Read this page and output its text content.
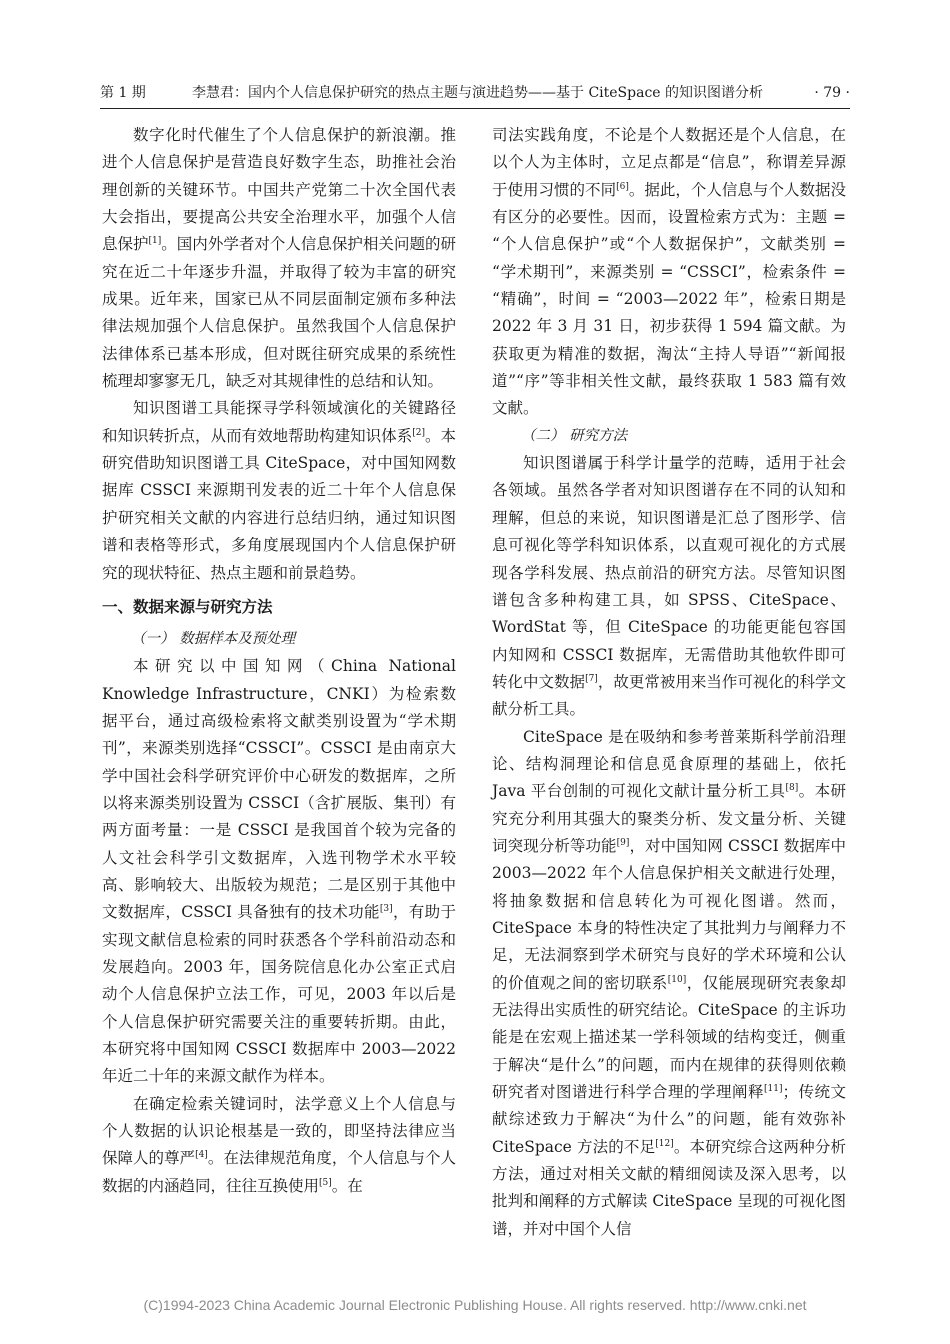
第 1 期	李慧君：国内个人信息保护研究的热点主题与演进趋势——基于 CiteSpace 的知识图谱分析	· 79 ·

数字化时代催生了个人信息保护的新浪潮。推进个人信息保护是营造良好数字生态，助推社会治理创新的关键环节。中国共产党第二十次全国代表大会指出，要提高公共安全治理水平，加强个人信息保护[1]。国内外学者对个人信息保护相关问题的研究在近二十年逐步升温，并取得了较为丰富的研究成果。近年来，国家已从不同层面制定颁布多种法律法规加强个人信息保护。虽然我国个人信息保护法律体系已基本形成，但对既往研究成果的系统性梳理却寥寥无几，缺乏对其规律性的总结和认知。

知识图谱工具能探寻学科领域演化的关键路径和知识转折点，从而有效地帮助构建知识体系[2]。本研究借助知识图谱工具 CiteSpace，对中国知网数据库 CSSCI 来源期刊发表的近二十年个人信息保护研究相关文献的内容进行总结归纳，通过知识图谱和表格等形式，多角度展现国内个人信息保护研究的现状特征、热点主题和前景趋势。

一、数据来源与研究方法
（一） 数据样本及预处理

本研究以中国知网（China National Knowledge Infrastructure，CNKI）为检索数据平台，通过高级检索将文献类别设置为“学术期刊”，来源类别选择“CSSCI”。CSSCI 是由南京大学中国社会科学研究评价中心研发的数据库，之所以将来源类别设置为 CSSCI（含扩展版、集刊）有两方面考量：一是 CSSCI 是我国首个较为完备的人文社会科学引文数据库，入选刊物学术水平较高、影响较大、出版较为规范；二是区别于其他中文数据库，CSSCI 具备独有的技术功能[3]，有助于实现文献信息检索的同时获悉各个学科前沿动态和发展趋向。2003 年，国务院信息化办公室正式启动个人信息保护立法工作，可见，2003 年以后是个人信息保护研究需要关注的重要转折期。由此，本研究将中国知网 CSSCI 数据库中 2003—2022 年近二十年的来源文献作为样本。

在确定检索关键词时，法学意义上个人信息与个人数据的认识论根基是一致的，即坚持法律应当保障人的尊严[4]。在法律规范角度，个人信息与个人数据的内涵趋同，往往互换使用[5]。在

司法实践角度，不论是个人数据还是个人信息，在以个人为主体时，立足点都是“信息”，称谓差异源于使用习惯的不同[6]。据此，个人信息与个人数据没有区分的必要性。因而，设置检索方式为：主题 = “个人信息保护”或“个人数据保护”，文献类别 = “学术期刊”，来源类别 = “CSSCI”，检索条件 = “精确”，时间 = “2003—2022 年”，检索日期是 2022 年 3 月 31 日，初步获得 1 594 篇文献。为获取更为精准的数据，淘汰“主持人导语”“新闻报道”“序”等非相关性文献，最终获取 1 583 篇有效文献。

（二） 研究方法

知识图谱属于科学计量学的范畴，适用于社会各领域。虽然各学者对知识图谱存在不同的认知和理解，但总的来说，知识图谱是汇总了图形学、信息可视化等学科知识体系，以直观可视化的方式展现各学科发展、热点前沿的研究方法。尽管知识图谱包含多种构建工具，如 SPSS、CiteSpace、WordStat 等，但 CiteSpace 的功能更能包容国内知网和 CSSCI 数据库，无需借助其他软件即可转化中文数据[7]，故更常被用来当作可视化的科学文献分析工具。

CiteSpace 是在吸纳和参考普莱斯科学前沿理论、结构洞理论和信息觅食原理的基础上，依托 Java 平台创制的可视化文献计量分析工具[8]。本研究充分利用其强大的聚类分析、发文量分析、关键词突现分析等功能[9]，对中国知网 CSSCI 数据库中 2003—2022 年个人信息保护相关文献进行处理，将抽象数据和信息转化为可视化图谱。然而，CiteSpace 本身的特性决定了其批判力与阐释力不足，无法洞察到学术研究与良好的学术环境和公认的价值观之间的密切联系[10]，仅能展现研究表象却无法得出实质性的研究结论。CiteSpace 的主诉功能是在宏观上描述某一学科领域的结构变迁，侧重于解决“是什么”的问题，而内在规律的获得则依赖研究者对图谱进行科学合理的学理阐释[11]；传统文献综述致力于解决“为什么”的问题，能有效弥补 CiteSpace 方法的不足[12]。本研究综合这两种分析方法，通过对相关文献的精细阅读及深入思考，以批判和阐释的方式解读 CiteSpace 呈现的可视化图谱，并对中国个人信

(C)1994-2023 China Academic Journal Electronic Publishing House. All rights reserved. http://www.cnki.net
